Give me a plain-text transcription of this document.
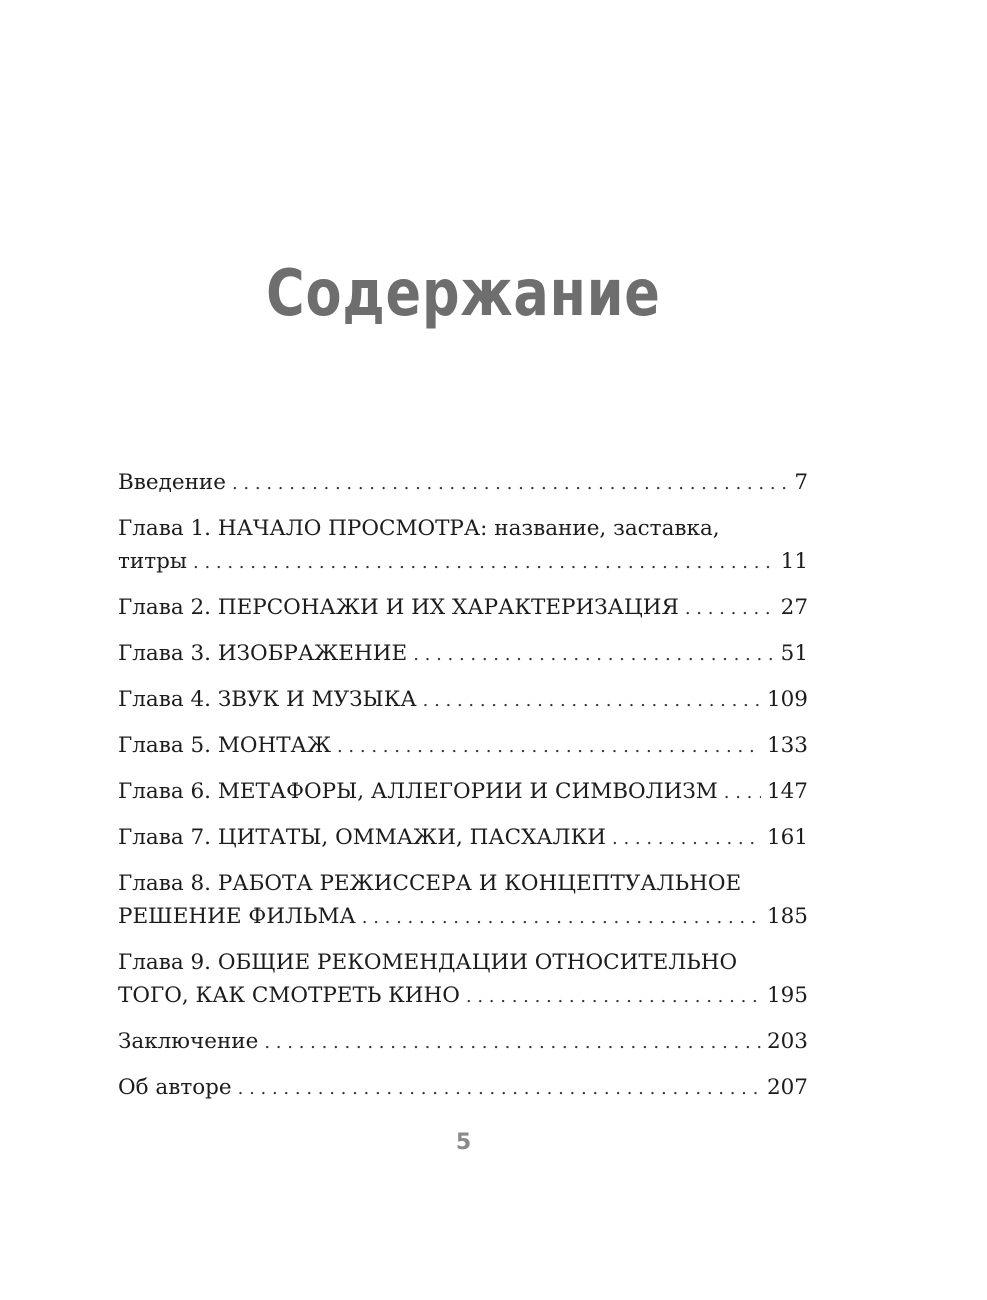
Содержание
Введение . . .	7
Глава 1. НАЧАЛО ПРОСМОТРА: название, заставка,
титры . . .	11
Глава 2. ПЕРСОНАЖИ И ИХ ХАРАКТЕРИЗАЦИЯ . . .	27
Глава 3. ИЗОБРАЖЕНИЕ . . .	51
Глава 4. ЗВУК И МУЗЫКА . . .	109
Глава 5. МОНТАЖ . . .	133
Глава 6. МЕТАФОРЫ, АЛЛЕГОРИИ И СИМВОЛИЗМ . . . 147
Глава 7. ЦИТАТЫ, ОММАЖИ, ПАСХАЛКИ . . .	161
Глава 8. РАБОТА РЕЖИССЕРА И КОНЦЕПТУАЛЬНОЕ
РЕШЕНИЕ ФИЛЬМА . . .	185
Глава 9. ОБЩИЕ РЕКОМЕНДАЦИИ ОТНОСИТЕЛЬНО
ТОГО, КАК СМОТРЕТЬ КИНО . . .	195
Заключение . . .	203
Об авторе . . .	207
5
